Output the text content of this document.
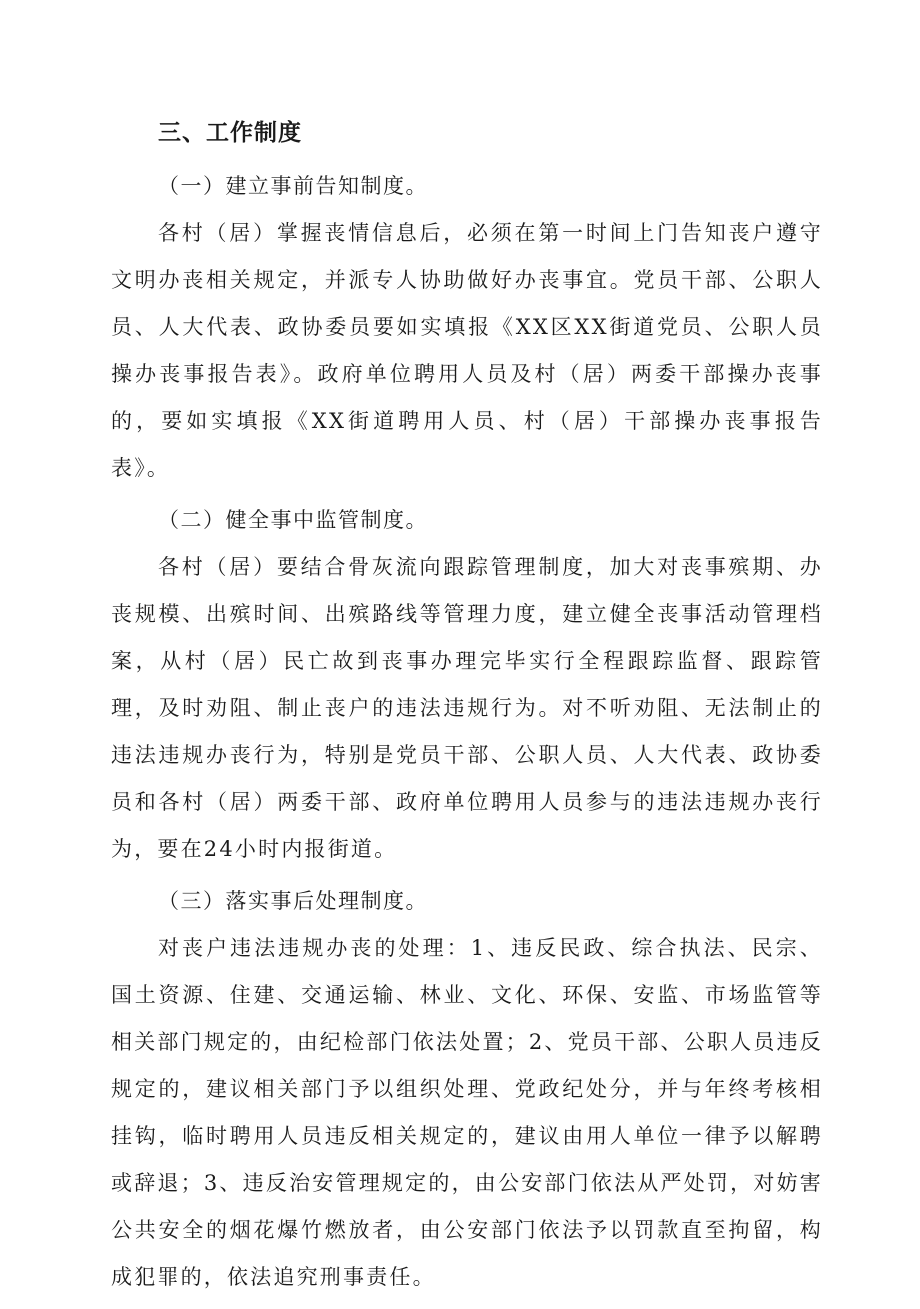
三、工作制度

（一）建立事前告知制度。

各村（居）掌握丧情信息后，必须在第一时间上门告知丧户遵守文明办丧相关规定，并派专人协助做好办丧事宜。党员干部、公职人员、人大代表、政协委员要如实填报《XX区XX街道党员、公职人员操办丧事报告表》。政府单位聘用人员及村（居）两委干部操办丧事的，要如实填报《XX街道聘用人员、村（居）干部操办丧事报告表》。

（二）健全事中监管制度。

各村（居）要结合骨灰流向跟踪管理制度，加大对丧事殡期、办丧规模、出殡时间、出殡路线等管理力度，建立健全丧事活动管理档案，从村（居）民亡故到丧事办理完毕实行全程跟踪监督、跟踪管理，及时劝阻、制止丧户的违法违规行为。对不听劝阻、无法制止的违法违规办丧行为，特别是党员干部、公职人员、人大代表、政协委员和各村（居）两委干部、政府单位聘用人员参与的违法违规办丧行为，要在24小时内报街道。

（三）落实事后处理制度。

对丧户违法违规办丧的处理：1、违反民政、综合执法、民宗、国土资源、住建、交通运输、林业、文化、环保、安监、市场监管等相关部门规定的，由纪检部门依法处置；2、党员干部、公职人员违反规定的，建议相关部门予以组织处理、党政纪处分，并与年终考核相挂钩，临时聘用人员违反相关规定的，建议由用人单位一律予以解聘或辞退；3、违反治安管理规定的，由公安部门依法从严处罚，对妨害公共安全的烟花爆竹燃放者，由公安部门依法予以罚款直至拘留，构成犯罪的，依法追究刑事责任。
